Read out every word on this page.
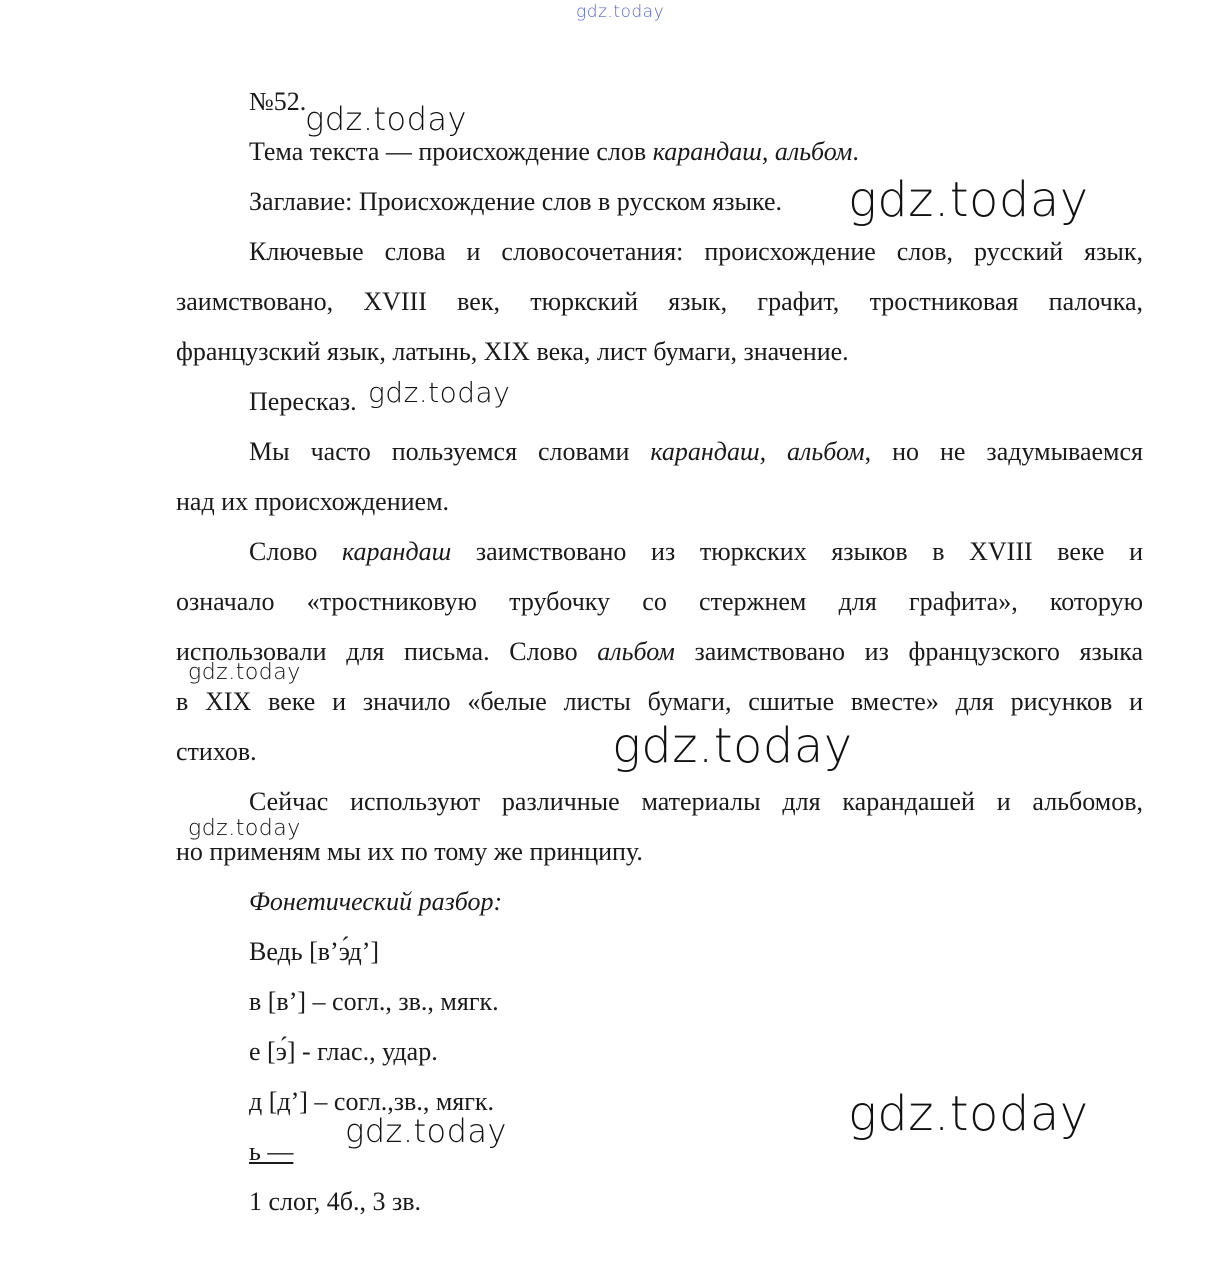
gdz.today

№52.

Тема текста — происхождение слов карандаш, альбом.

Заглавие: Происхождение слов в русском языке.

Ключевые слова и словосочетания: происхождение слов, русский язык,

заимствовано, XVIII век, тюркский язык, графит, тростниковая палочка,

французский язык, латынь, XIX века, лист бумаги, значение.

Пересказ.

Мы часто пользуемся словами карандаш, альбом, но не задумываемся

над их происхождением.

Слово карандаш заимствовано из тюркских языков в XVIII веке и

означало «тростниковую трубочку со стержнем для графита», которую

использовали для письма. Слово альбом заимствовано из французского языка

в XIX веке и значило «белые листы бумаги, сшитые вместе» для рисунков и

стихов.

Сейчас используют различные материалы для карандашей и альбомов,

но применям мы их по тому же принципу.

Фонетический разбор:

Ведь [в’э́д’]

в [в’] – согл., зв., мягк.

е [э́] - глас., удар.

д [д’] – согл.,зв., мягк.

ь —

1 слог, 4б., 3 зв.

gdz.today

gdz.today

gdz.today

gdz.today

gdz.today

gdz.today

gdz.today

gdz.today
